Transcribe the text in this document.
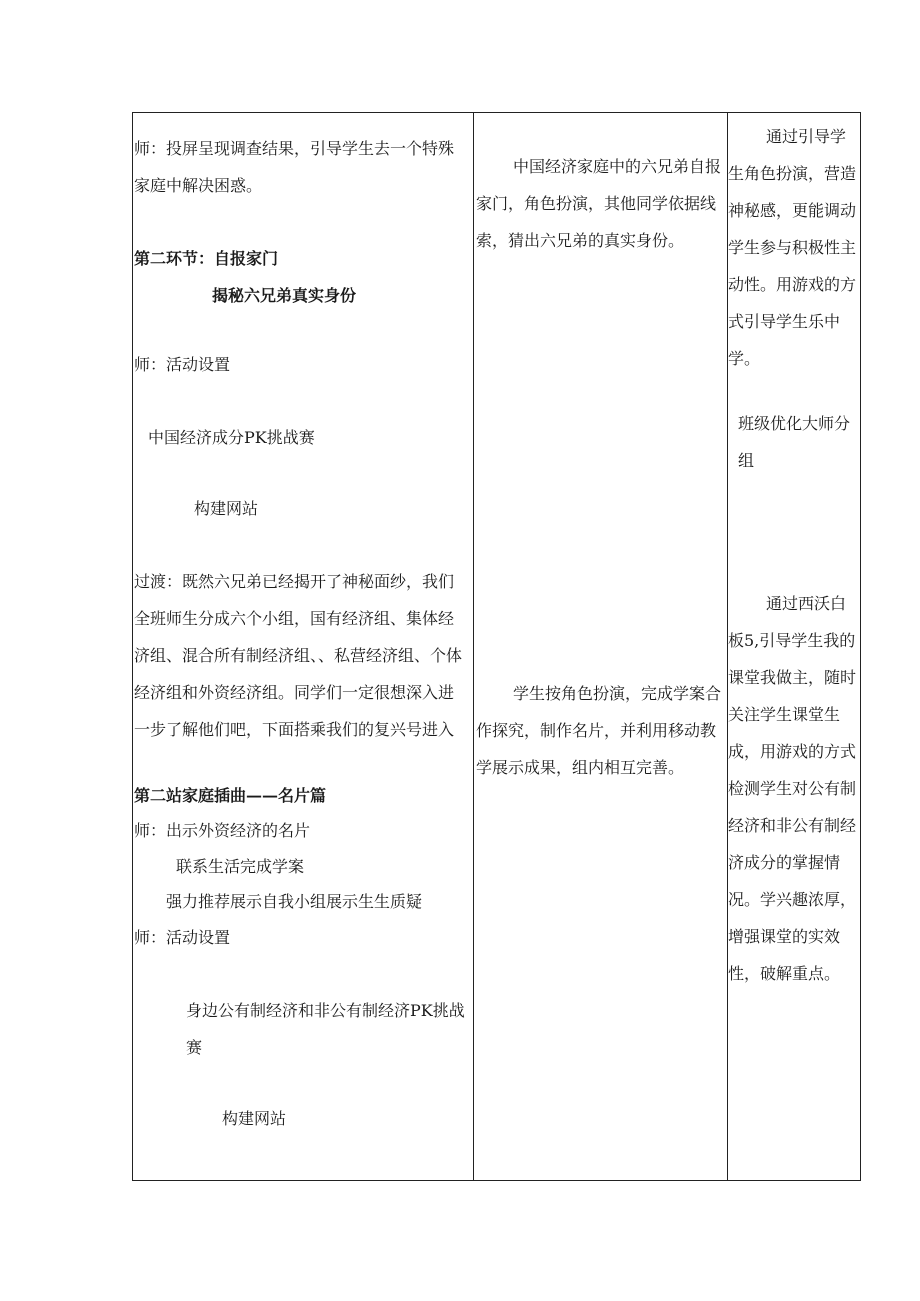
师：投屏呈现调查结果，引导学生去一个特殊家庭中解决困惑。
第二环节：自报家门
揭秘六兄弟真实身份
师：活动设置
中国经济成分PK挑战赛
构建网站
过渡：既然六兄弟已经揭开了神秘面纱，我们全班师生分成六个小组，国有经济组、集体经济组、混合所有制经济组、、私营经济组、个体经济组和外资经济组。同学们一定很想深入进一步了解他们吧，下面搭乘我们的复兴号进入
第二站家庭插曲——名片篇
师：出示外资经济的名片
联系生活完成学案
强力推荐展示自我小组展示生生质疑
师：活动设置
身边公有制经济和非公有制经济PK挑战赛
构建网站
中国经济家庭中的六兄弟自报家门，角色扮演，其他同学依据线索，猜出六兄弟的真实身份。
学生按角色扮演，完成学案合作探究，制作名片，并利用移动教学展示成果，组内相互完善。
通过引导学生角色扮演，营造神秘感，更能调动学生参与积极性主动性。用游戏的方式引导学生乐中学。
班级优化大师分组
通过西沃白板5,引导学生我的课堂我做主，随时关注学生课堂生成，用游戏的方式检测学生对公有制经济和非公有制经济成分的掌握情况。学兴趣浓厚，增强课堂的实效性，破解重点。
